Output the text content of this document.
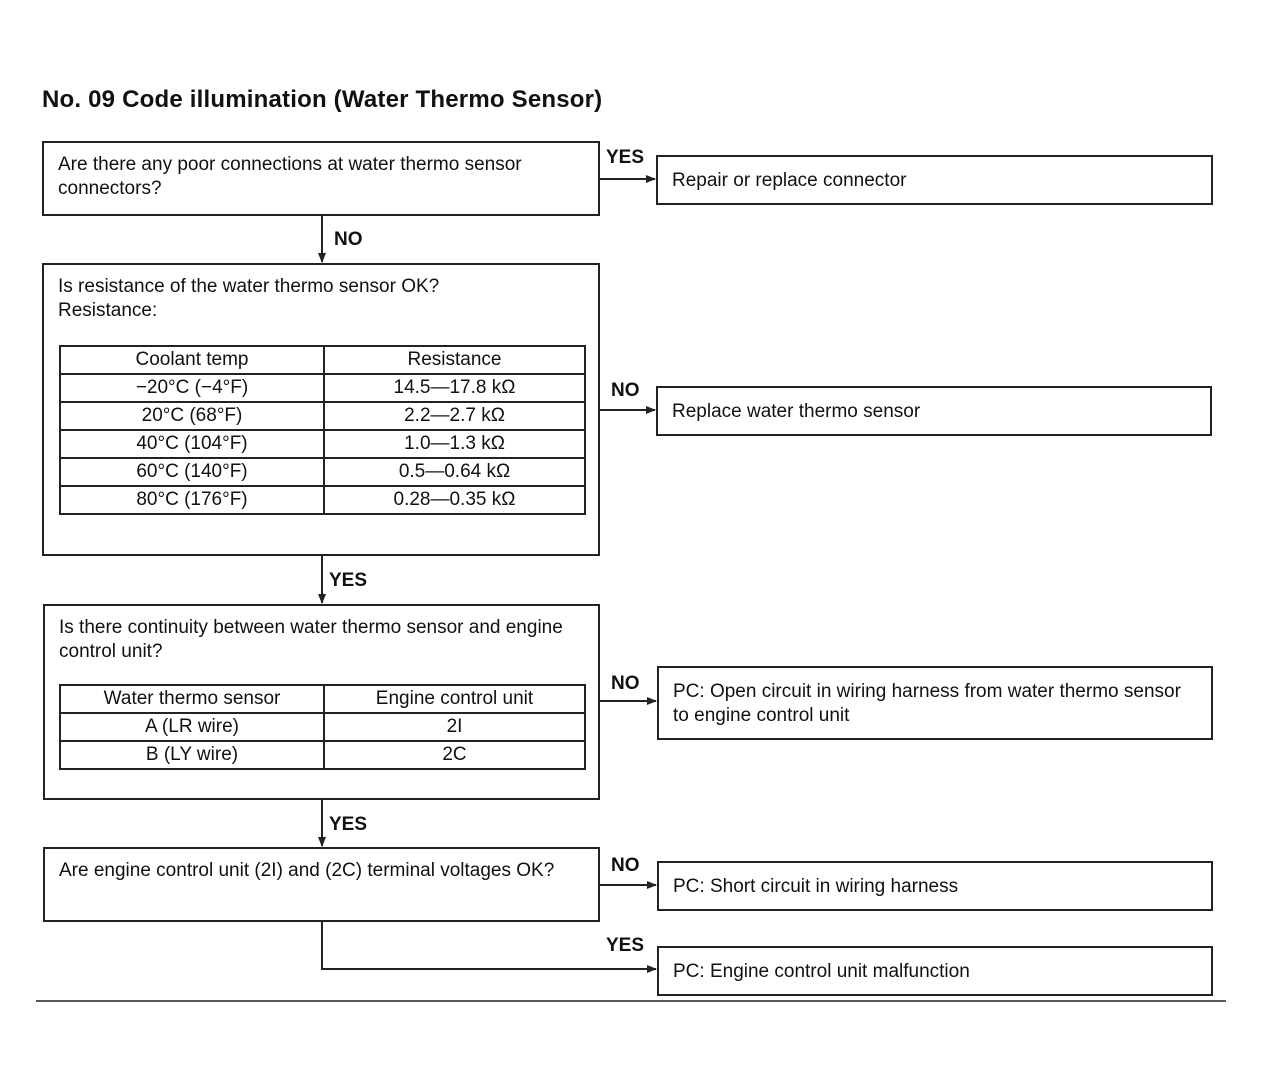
No. 09 Code illumination (Water Thermo Sensor)
Are there any poor connections at water thermo sensor connectors?
YES
Repair or replace connector
NO
Is resistance of the water thermo sensor OK?
Resistance:
Coolant temp	Resistance
−20°C (−4°F)	14.5—17.8 kΩ
20°C (68°F)	2.2—2.7 kΩ
40°C (104°F)	1.0—1.3 kΩ
60°C (140°F)	0.5—0.64 kΩ
80°C (176°F)	0.28—0.35 kΩ
NO
Replace water thermo sensor
YES
Is there continuity between water thermo sensor and engine control unit?
Water thermo sensor	Engine control unit
A (LR wire)	2I
B (LY wire)	2C
NO PC: Open circuit in wiring harness from water thermo sensor to engine control unit
YES
Are engine control unit (2I) and (2C) terminal voltages OK?	NO
PC: Short circuit in wiring harness
YES
PC: Engine control unit malfunction
